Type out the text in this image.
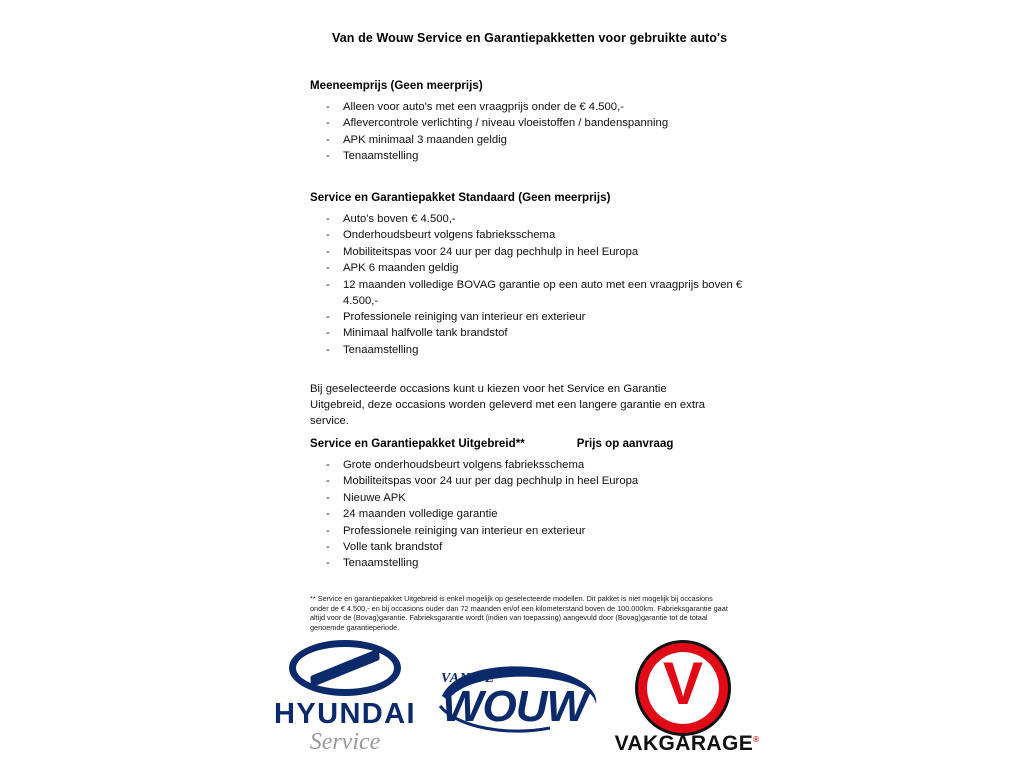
Van de Wouw Service en Garantiepakketten voor gebruikte auto's
Meeneemprijs (Geen meerprijs)
- Alleen voor auto's met een vraagprijs onder de € 4.500,-
- Aflevercontrole verlichting / niveau vloeistoffen / bandenspanning
- APK minimaal 3 maanden geldig
- Tenaamstelling
Service en Garantiepakket Standaard (Geen meerprijs)
- Auto's boven € 4.500,-
- Onderhoudsbeurt volgens fabrieksschema
- Mobiliteitspas voor 24 uur per dag pechhulp in heel Europa
- APK 6 maanden geldig
- 12 maanden volledige BOVAG garantie op een auto met een vraagprijs boven € 4.500,-
- Professionele reiniging van interieur en exterieur
- Minimaal halfvolle tank brandstof
- Tenaamstelling
Bij geselecteerde occasions kunt u kiezen voor het Service en Garantie Uitgebreid, deze occasions worden geleverd met een langere garantie en extra service.
Service en Garantiepakket Uitgebreid**	Prijs op aanvraag
- Grote onderhoudsbeurt volgens fabrieksschema
- Mobiliteitspas voor 24 uur per dag pechhulp in heel Europa
- Nieuwe APK
- 24 maanden volledige garantie
- Professionele reiniging van interieur en exterieur
- Volle tank brandstof
- Tenaamstelling
** Service en garantiepakket Uitgebreid is enkel mogelijk op geselecteerde modellen. Dit pakket is niet mogelijk bij occasions onder de € 4.500,- en bij occasions ouder dan 72 maanden en/of een kilometerstand boven de 100.000km. Fabrieksgarantie gaat altijd voor de (Bovag)garantie. Fabrieksgarantie wordt (indien van toepassing) aangevuld door (Bovag)garantie tot de totaal genoemde garantieperiode.
HYUNDAI
Service
VAN DE
WOUW V
VAKGARAGE®
